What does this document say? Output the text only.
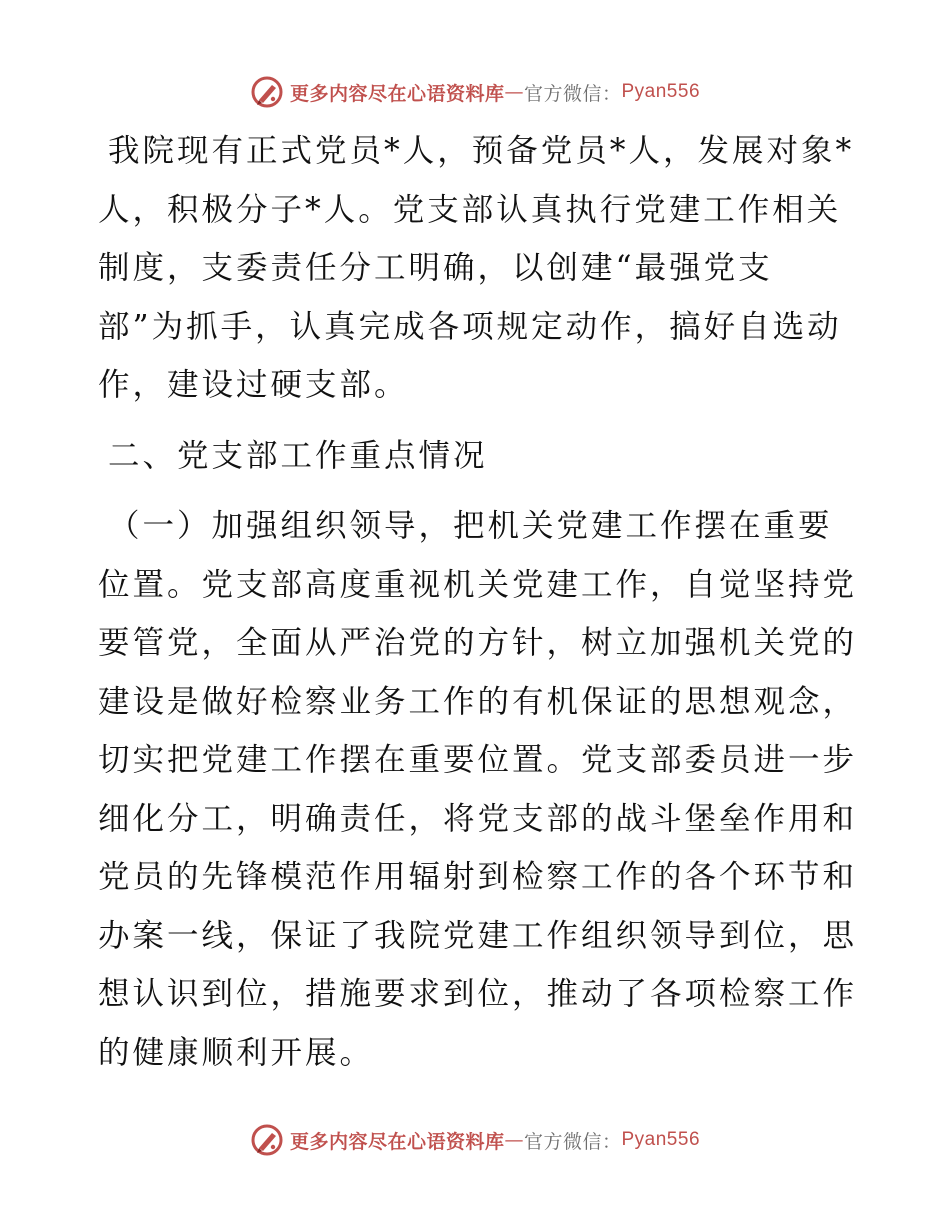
更多内容尽在心语资料库 — 官方微信： Pyan556

我院现有正式党员*人，预备党员*人，发展对象*人，积极分子*人。党支部认真执行党建工作相关制度，支委责任分工明确，以创建“最强党支部”为抓手，认真完成各项规定动作，搞好自选动作，建设过硬支部。

二、党支部工作重点情况

（一）加强组织领导，把机关党建工作摆在重要位置。党支部高度重视机关党建工作，自觉坚持党要管党，全面从严治党的方针，树立加强机关党的建设是做好检察业务工作的有机保证的思想观念，切实把党建工作摆在重要位置。党支部委员进一步细化分工，明确责任，将党支部的战斗堡垒作用和党员的先锋模范作用辐射到检察工作的各个环节和办案一线，保证了我院党建工作组织领导到位，思想认识到位，措施要求到位，推动了各项检察工作的健康顺利开展。

更多内容尽在心语资料库 — 官方微信： Pyan556
